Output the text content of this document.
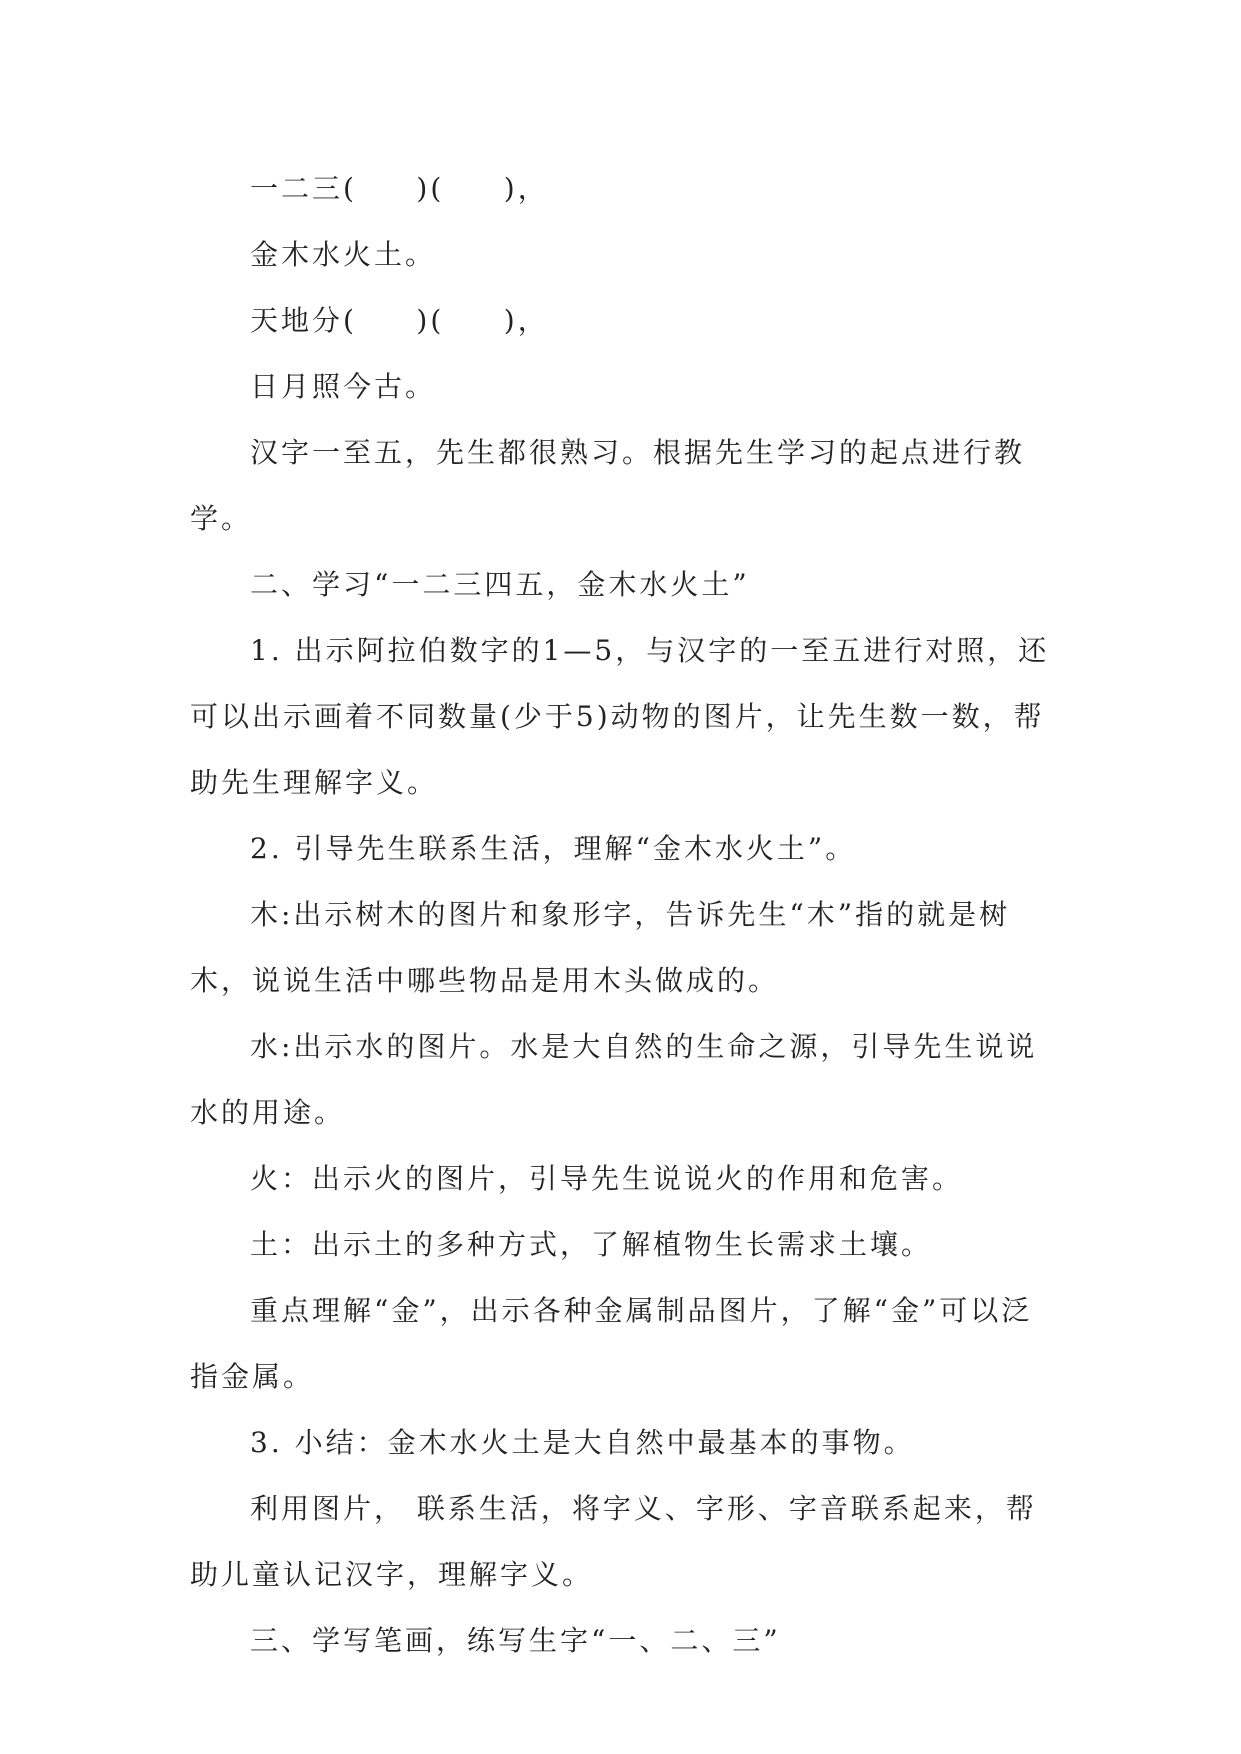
一二三(     )(     )，

金木水火土。

天地分(     )(     )，

日月照今古。

汉字一至五，先生都很熟习。根据先生学习的起点进行教学。

二、学习“一二三四五，金木水火土”

1. 出示阿拉伯数字的1—5，与汉字的一至五进行对照，还可以出示画着不同数量(少于5)动物的图片，让先生数一数，帮助先生理解字义。

2. 引导先生联系生活，理解“金木水火土”。

木:出示树木的图片和象形字，告诉先生“木”指的就是树木，说说生活中哪些物品是用木头做成的。

水:出示水的图片。水是大自然的生命之源，引导先生说说水的用途。

火：出示火的图片，引导先生说说火的作用和危害。

土：出示土的多种方式，了解植物生长需求土壤。

重点理解“金”，出示各种金属制品图片，了解“金”可以泛指金属。

3. 小结：金木水火土是大自然中最基本的事物。

利用图片， 联系生活，将字义、字形、字音联系起来，帮助儿童认记汉字，理解字义。

三、学写笔画，练写生字“一、二、三”
